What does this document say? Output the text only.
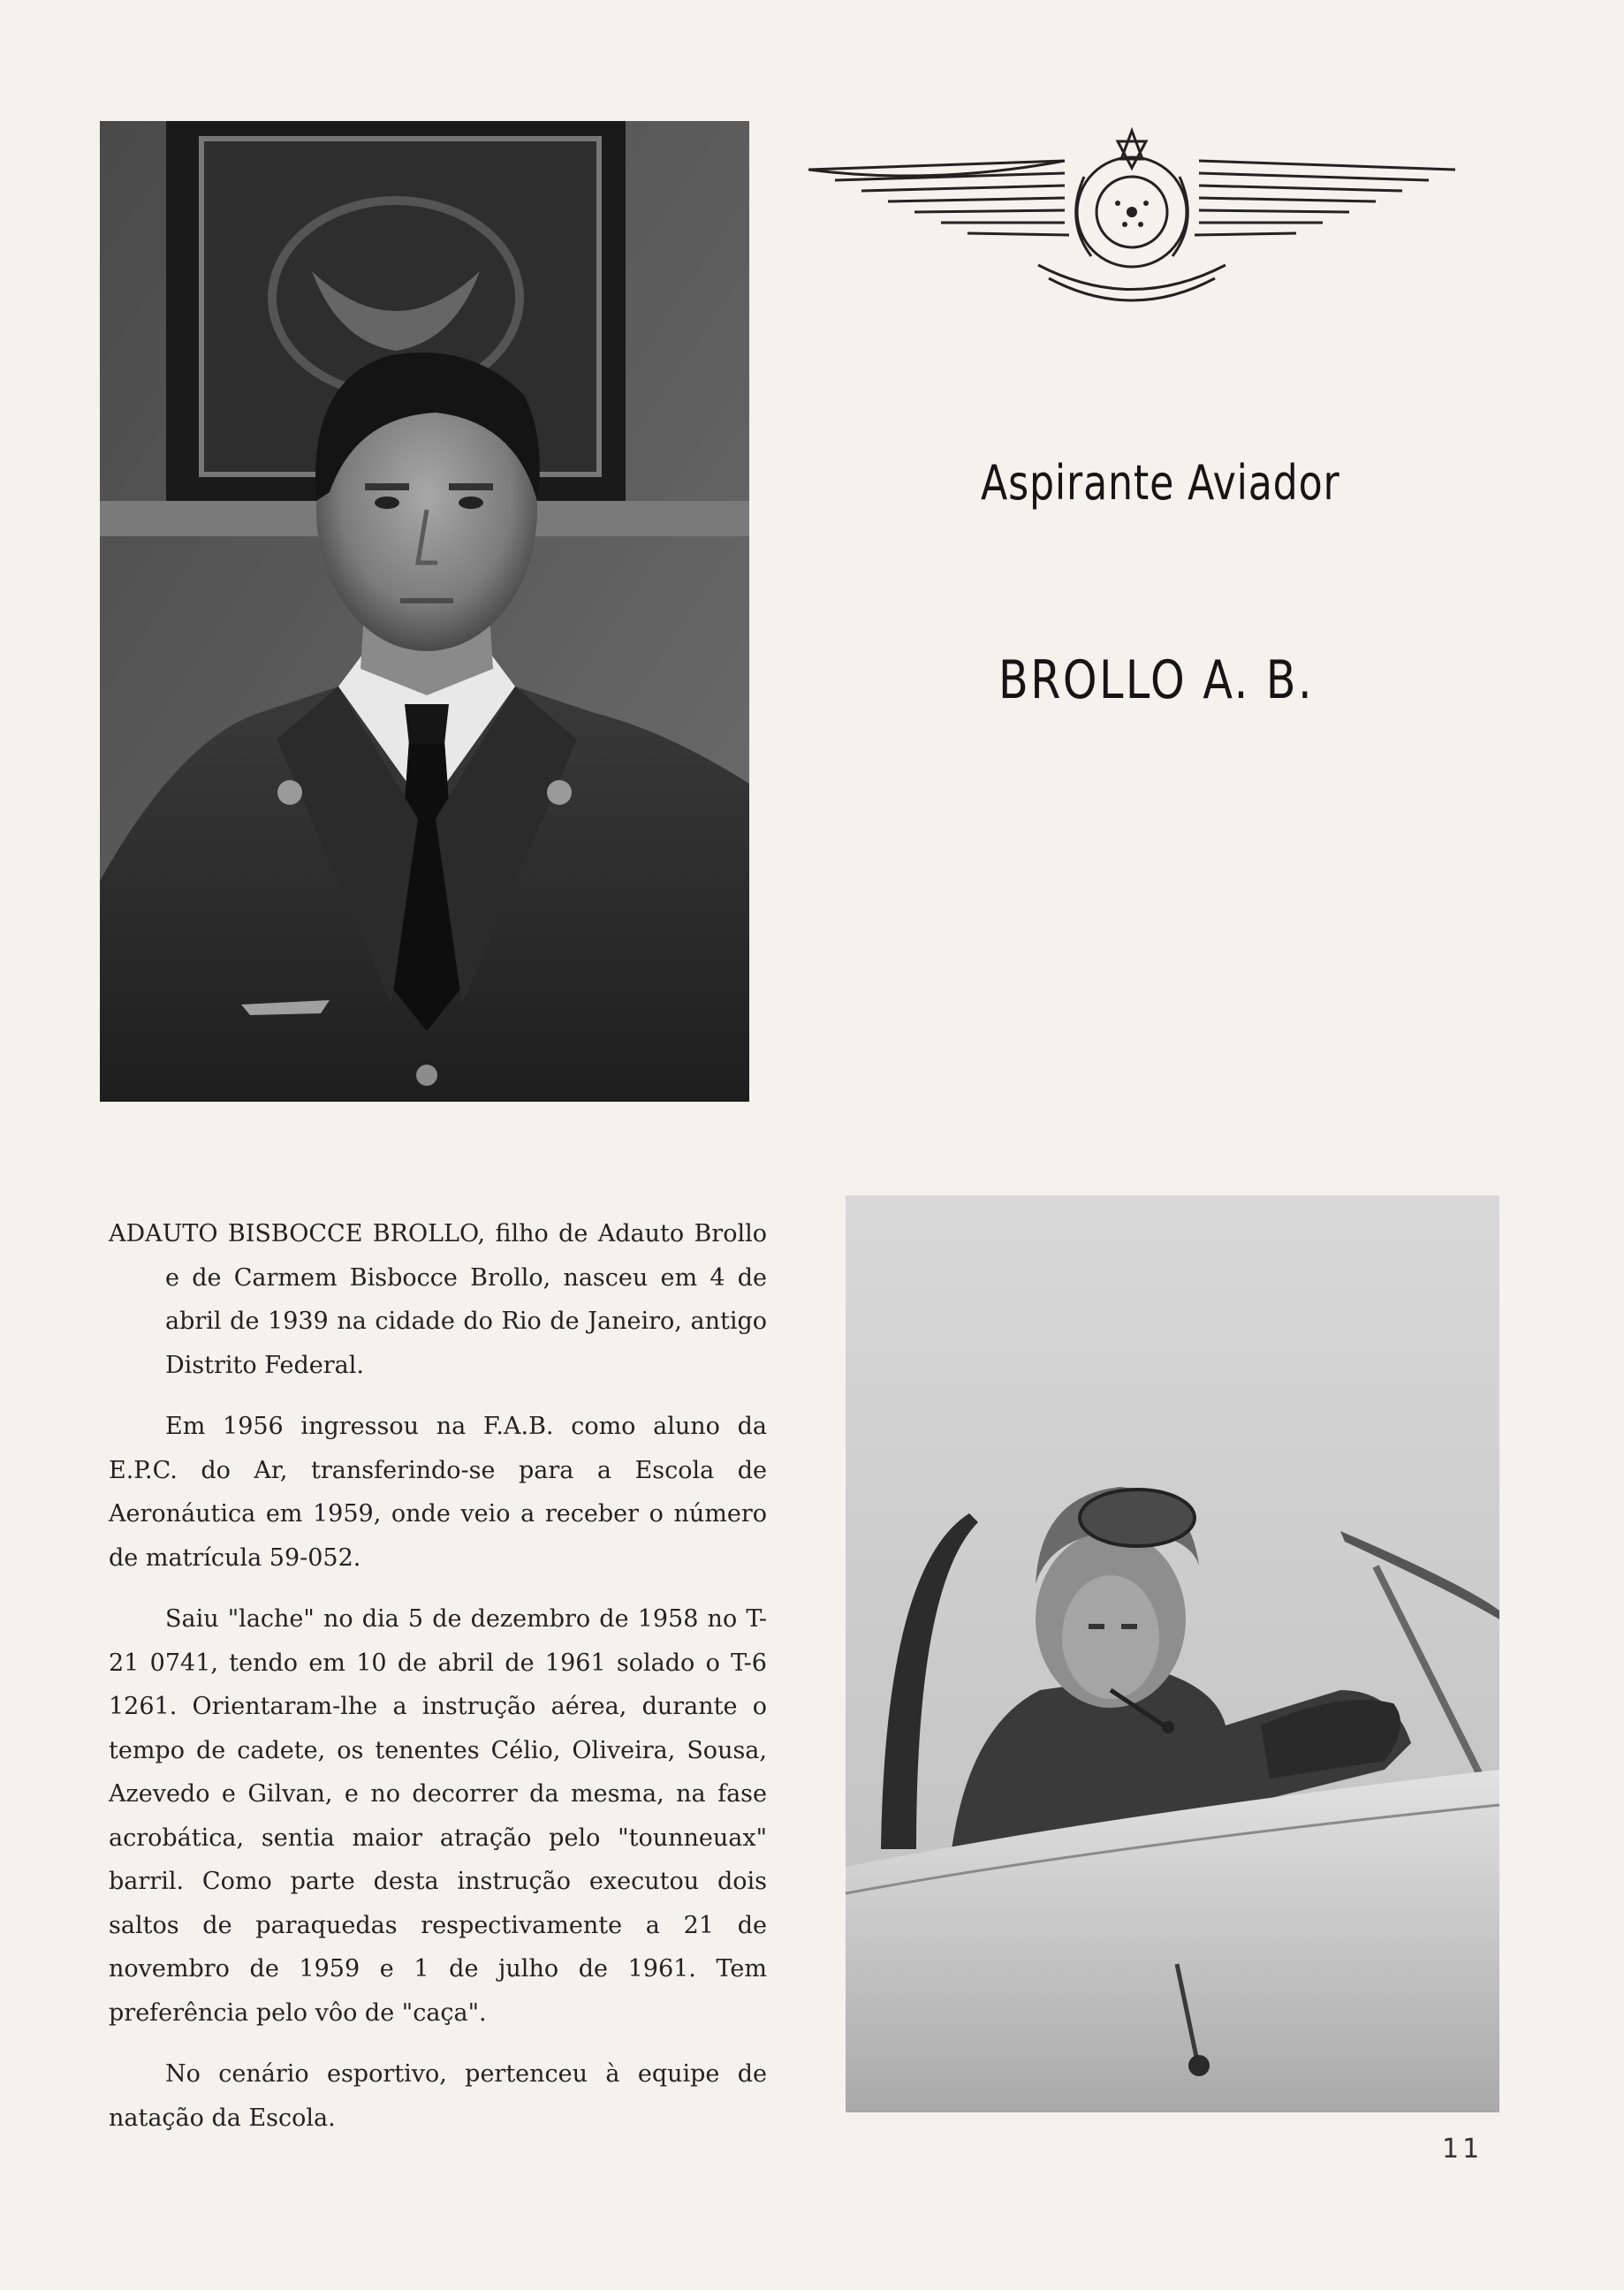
Aspirante Aviador
BROLLO A. B.

ADAUTO BISBOCCE BROLLO, filho de Adauto Brollo e de Carmem Bisbocce Brollo, nasceu em 4 de abril de 1939 na cidade do Rio de Janeiro, antigo Distrito Federal.

Em 1956 ingressou na F.A.B. como aluno da E.P.C. do Ar, transferindo-se para a Escola de Aeronáutica em 1959, onde veio a receber o número de matrícula 59-052.

Saiu "lache" no dia 5 de dezembro de 1958 no T-21 0741, tendo em 10 de abril de 1961 solado o T-6 1261. Orientaram-lhe a instrução aérea, durante o tempo de cadete, os tenentes Célio, Oliveira, Sousa, Azevedo e Gilvan, e no decorrer da mesma, na fase acrobática, sentia maior atração pelo "tounneuax" barril. Como parte desta instrução executou dois saltos de paraquedas respectivamente a 21 de novembro de 1959 e 1 de julho de 1961. Tem preferência pelo vôo de "caça".

No cenário esportivo, pertenceu à equipe de natação da Escola.

11
